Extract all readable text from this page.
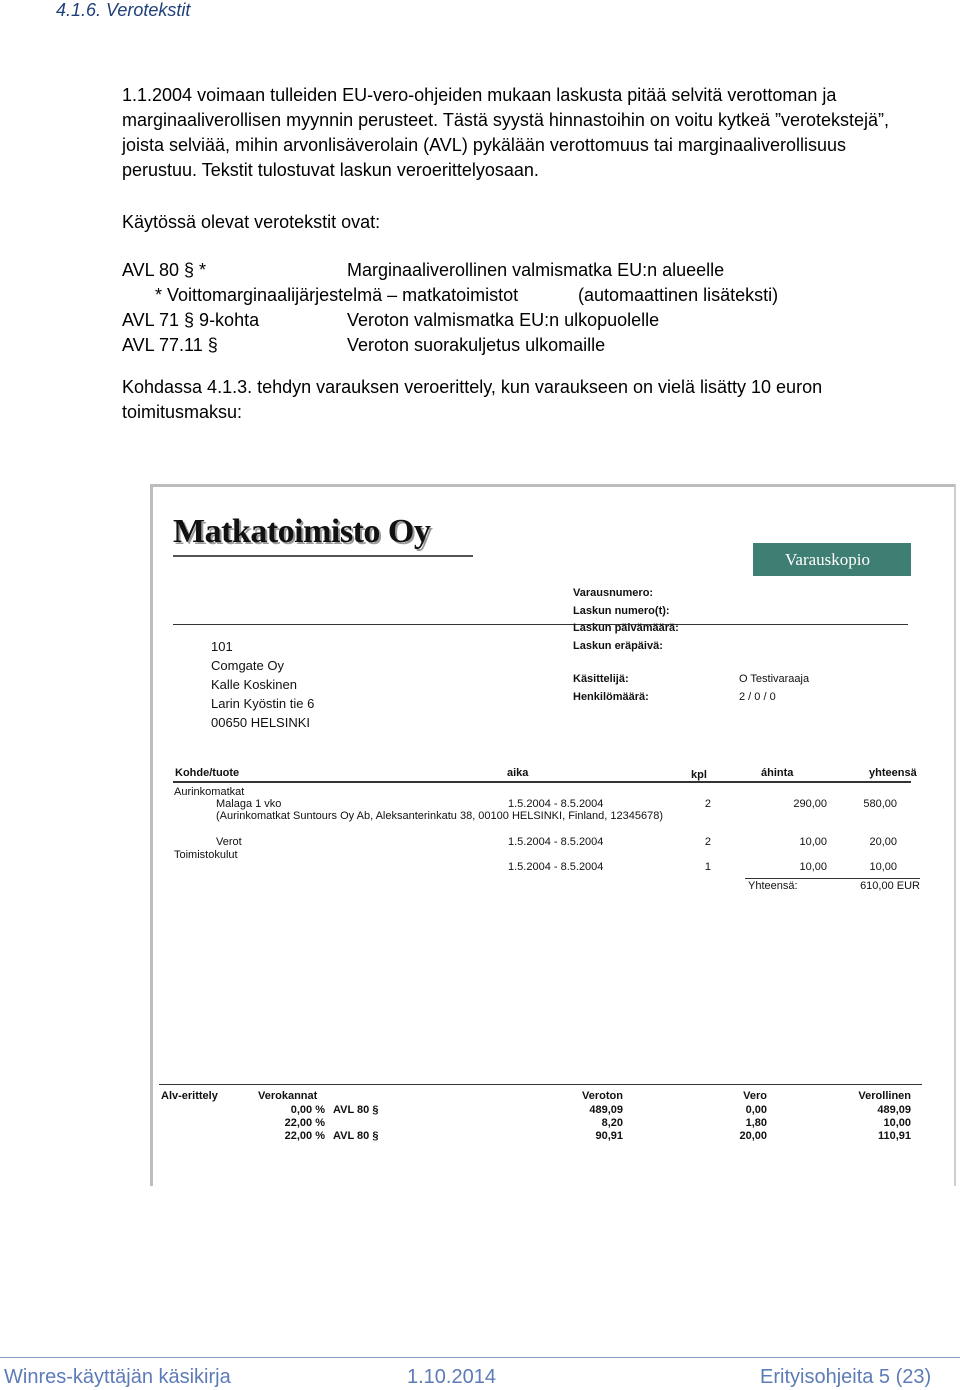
4.1.6. Verotekstit
1.1.2004 voimaan tulleiden EU-vero-ohjeiden mukaan laskusta pitää selvitä verottoman ja
marginaaliverollisen myynnin perusteet. Tästä syystä hinnastoihin on voitu kytkeä ”verotekstejä”,
joista selviää, mihin arvonlisäverolain (AVL) pykälään verottomuus tai marginaaliverollisuus
perustuu. Tekstit tulostuvat laskun veroerittelyosaan.
Käytössä olevat verotekstit ovat:
AVL 80 § *	Marginaaliverollinen valmismatka EU:n alueelle
* Voittomarginaalijärjestelmä – matkatoimistot	(automaattinen lisäteksti)
AVL 71 § 9-kohta	Veroton valmismatka EU:n ulkopuolelle
AVL 77.11 §	Veroton suorakuljetus ulkomaille
Kohdassa 4.1.3. tehdyn varauksen veroerittely, kun varaukseen on vielä lisätty 10 euron
toimitusmaksu:
Matkatoimisto Oy
Varauskopio
101
Comgate Oy
Kalle Koskinen
Larin Kyöstin tie 6
00650 HELSINKI
Varausnumero:
Laskun numero(t):
Laskun päivämäärä:
Laskun eräpäivä:
Käsittelijä:	O Testivaraaja
Henkilömäärä:	2 / 0 / 0
Kohde/tuote	aika	kpl	áhinta	yhteensä
Aurinkomatkat
Malaga 1 vko	1.5.2004 - 8.5.2004	2	290,00	580,00
(Aurinkomatkat Suntours Oy Ab, Aleksanterinkatu 38, 00100 HELSINKI, Finland, 12345678)
Verot	1.5.2004 - 8.5.2004	2	10,00	20,00
Toimistokulut
1.5.2004 - 8.5.2004	1	10,00	10,00
Yhteensä:	610,00 EUR
Alv-erittely	Verokannat	Veroton	Vero	Verollinen
0,00 % AVL 80 §	489,09	0,00	489,09
22,00 %	8,20	1,80	10,00
22,00 % AVL 80 §	90,91	20,00	110,91
Winres-käyttäjän käsikirja	1.10.2014	Erityisohjeita 5 (23)
